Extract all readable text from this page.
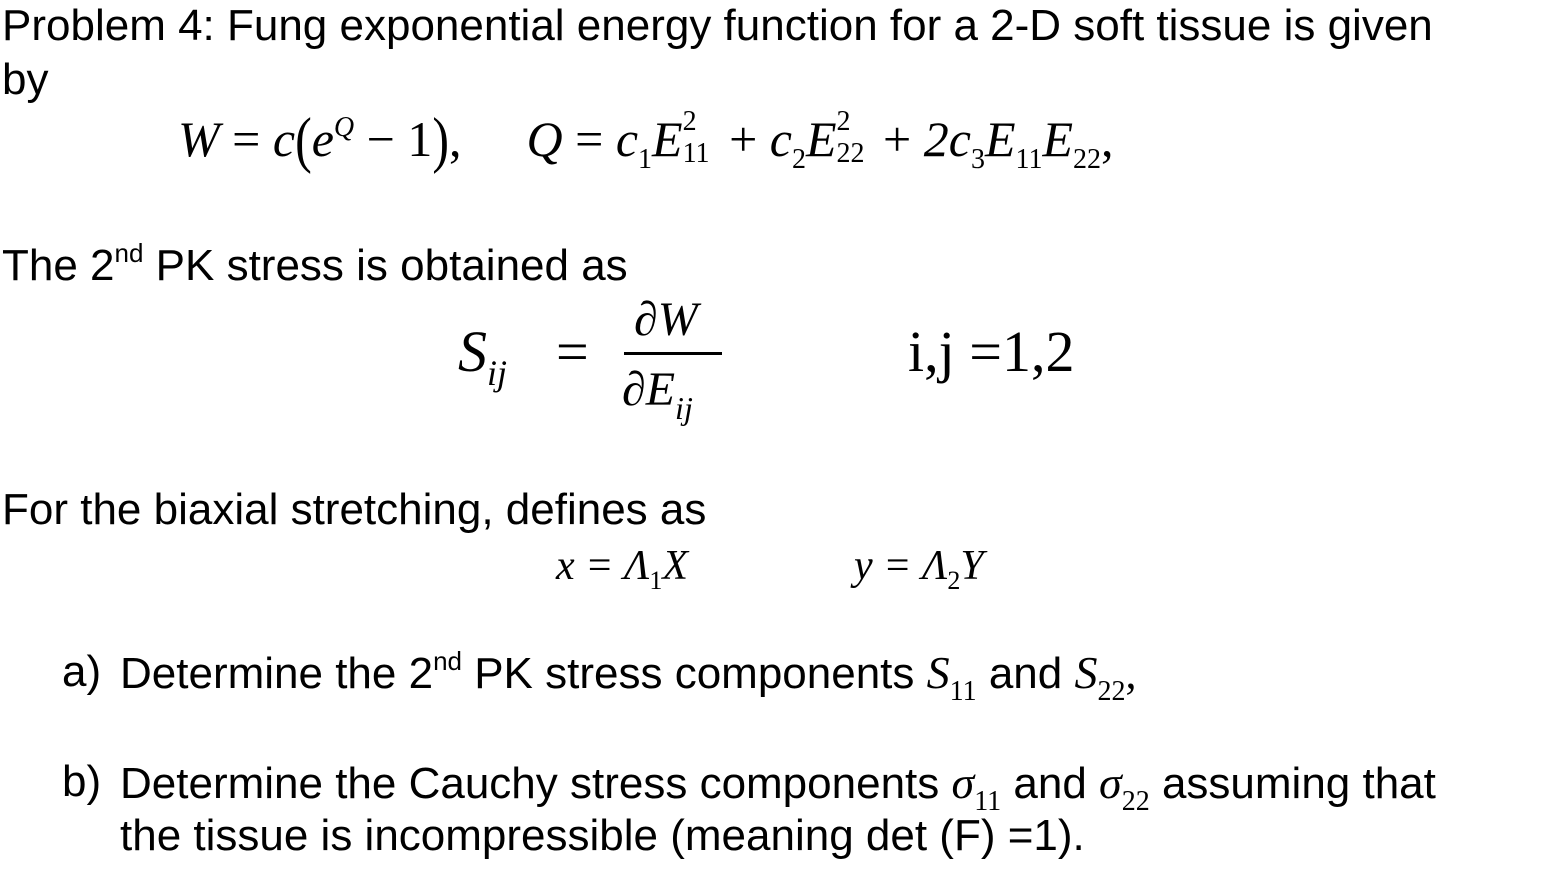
Problem 4: Fung exponential energy function for a 2-D soft tissue is given
by
$W = c(e^Q - 1)$, $Q = c_1E$ 2
$11 + c_2E$ 2
$22 + 2c_3E_{11}E_{22}$,
The 2nd PK stress is obtained as
$S_{ij} = \partial W$
$\partial E_{ij}$
i,j =1,2
For the biaxial stretching, defines as
$x = \Lambda_1X$	$y = \Lambda_2Y$
a) Determine the 2nd PK stress components $S_{11}$ and $S_{22}$,
b) Determine the Cauchy stress components $\sigma_{11}$ and $\sigma_{22}$ assuming that
the tissue is incompressible (meaning det (F) =1).
